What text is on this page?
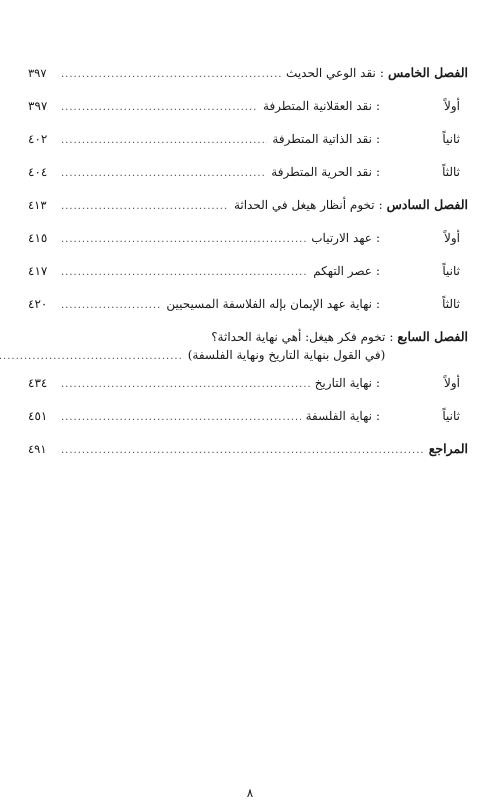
الفصل الخامس
:
نقد الوعي الحديث
.....
٣٩٧
أولاً
:
نقد العقلانية المتطرفة
.....
٣٩٧
ثانياً
:
نقد الذاتية المتطرفة
.....
٤٠٢
ثالثاً
:
نقد الحرية المتطرفة
.....
٤٠٤
الفصل السادس
:
تخوم أنظار هيغل في الحداثة
.....
٤١٣
أولاً
:
عهد الارتياب
.....
٤١٥
ثانياً
:
عصر التهكم
.....
٤١٧
ثالثاً
:
نهاية عهد الإيمان بإله الفلاسفة المسيحيين
.....
٤٢٠
الفصل السابع
:
تخوم فكر هيغل: أهي نهاية الحداثة؟
(في القول بنهاية التاريخ ونهاية الفلسفة)
.....
أولاً
:
نهاية التاريخ
.....
٤٣٤
ثانياً
:
نهاية الفلسفة
.....
٤٥١
المراجع
.....
٤٩١
٨
